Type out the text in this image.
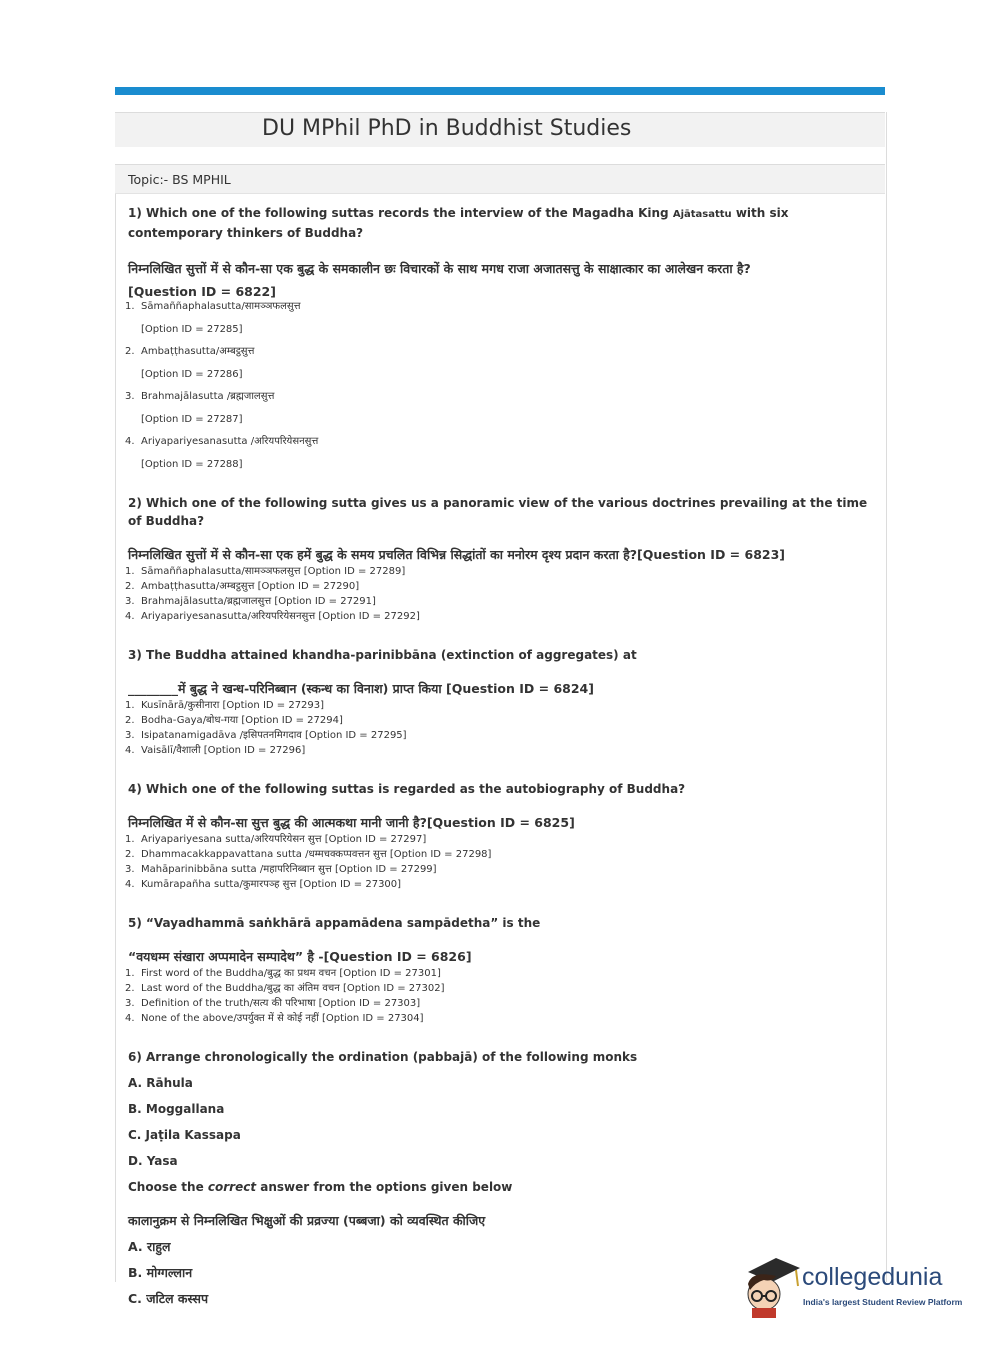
DU MPhil PhD in Buddhist Studies
Topic:- BS MPHIL

1) Which one of the following suttas records the interview of the Magadha King Ajātasattu with six contemporary thinkers of Buddha?

निम्नलिखित सुत्तों में से कौन-सा एक बुद्ध के समकालीन छः विचारकों के साथ मगध राजा अजातसत्तु के साक्षात्कार का आलेखन करता है?

[Question ID = 6822]
1. Sāmaññaphalasutta/सामञ्ञफलसुत्त
[Option ID = 27285]
2. Ambaṭṭhasutta/अम्बट्ठसुत्त
[Option ID = 27286]
3. Brahmajālasutta /ब्रह्मजालसुत्त
[Option ID = 27287]
4. Ariyapariyesanasutta /अरियपरियेसनसुत्त
[Option ID = 27288]

2) Which one of the following sutta gives us a panoramic view of the various doctrines prevailing at the time of Buddha?

निम्नलिखित सुत्तों में से कौन-सा एक हमें बुद्ध के समय प्रचलित विभिन्न सिद्धांतों का मनोरम दृश्य प्रदान करता है?[Question ID = 6823]

1. Sāmaññaphalasutta/सामञ्ञफलसुत्त [Option ID = 27289]
2. Ambaṭṭhasutta/अम्बट्ठसुत्त [Option ID = 27290]
3. Brahmajālasutta/ब्रह्मजालसुत्त [Option ID = 27291]
4. Ariyapariyesanasutta/अरियपरियेसनसुत्त [Option ID = 27292]

3) The Buddha attained khandha-parinibbāna (extinction of aggregates) at

________में बुद्ध ने खन्ध-परिनिब्बान (स्कन्ध का विनाश) प्राप्त किया [Question ID = 6824]

1. Kusīnārā/कुसीनारा [Option ID = 27293]
2. Bodha-Gaya/बोध-गया [Option ID = 27294]
3. Isipatanamigadāva /इसिपतनमिगदाव [Option ID = 27295]
4. Vaisālī/वैशाली [Option ID = 27296]

4) Which one of the following suttas is regarded as the autobiography of Buddha?

निम्नलिखित में से कौन-सा सुत्त बुद्ध की आत्मकथा मानी जानी है?[Question ID = 6825]

1. Ariyapariyesana sutta/अरियपरियेसन सुत्त [Option ID = 27297]
2. Dhammacakkappavattana sutta /धम्मचक्कप्पवत्तन सुत्त [Option ID = 27298]
3. Mahāparinibbāna sutta /महापरिनिब्बान सुत्त [Option ID = 27299]
4. Kumārapañha sutta/कुमारपञ्ह सुत्त [Option ID = 27300]

5) “Vayadhammā saṅkhārā appamādena sampādetha” is the

“वयधम्म संखारा अप्पमादेन सम्पादेथ” है -[Question ID = 6826]

1. First word of the Buddha/बुद्ध का प्रथम वचन [Option ID = 27301]
2. Last word of the Buddha/बुद्ध का अंतिम वचन [Option ID = 27302]
3. Definition of the truth/सत्य की परिभाषा [Option ID = 27303]
4. None of the above/उपर्युक्त में से कोई नहीं [Option ID = 27304]

6) Arrange chronologically the ordination (pabbajā) of the following monks

A. Rāhula

B. Moggallana

C. Jaṭila Kassapa

D. Yasa

Choose the correct answer from the options given below

कालानुक्रम से निम्नलिखित भिक्षुओं की प्रव्रज्या (पब्बजा) को व्यवस्थित कीजिए

A. राहुल

B. मोग्गल्लान

C. जटिल कस्सप

collegedunia
India's largest Student Review Platform
